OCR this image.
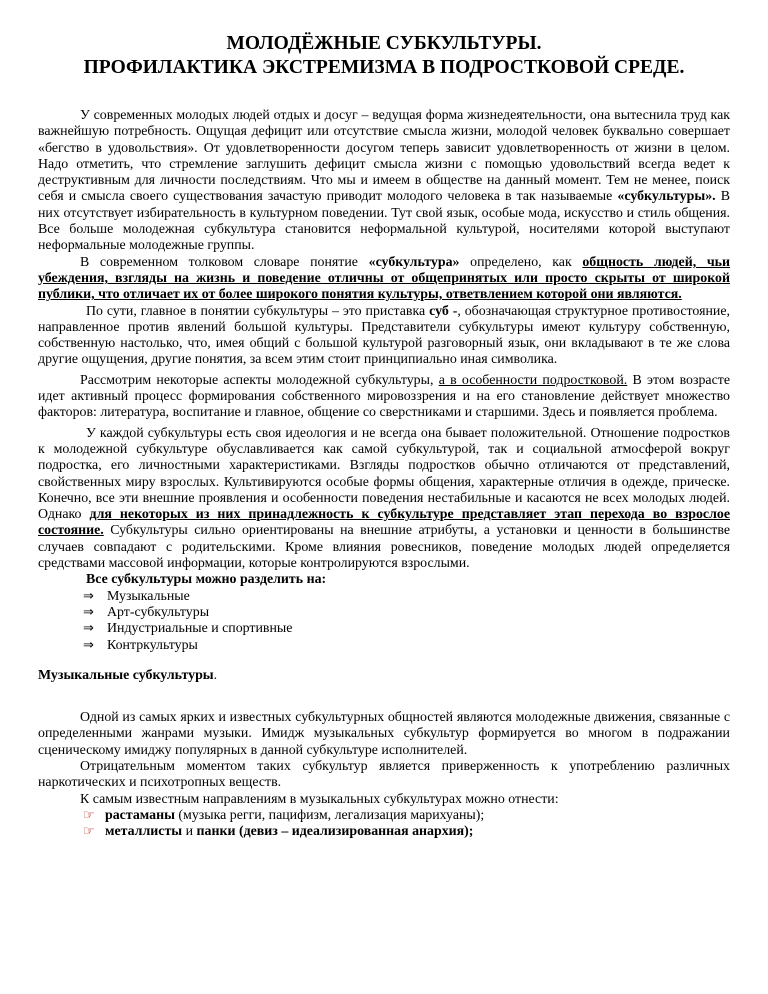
МОЛОДЁЖНЫЕ СУБКУЛЬТУРЫ.
ПРОФИЛАКТИКА ЭКСТРЕМИЗМА В ПОДРОСТКОВОЙ СРЕДЕ.

У современных молодых людей отдых и досуг – ведущая форма жизнедеятельности, она вытеснила труд как важнейшую потребность. Ощущая дефицит или отсутствие смысла жизни, молодой человек буквально совершает «бегство в удовольствия». От удовлетворенности досугом теперь зависит удовлетворенность от жизни в целом. Надо отметить, что стремление заглушить дефицит смысла жизни с помощью удовольствий всегда ведет к деструктивным для личности последствиям. Что мы и имеем в обществе на данный момент. Тем не менее, поиск себя и смысла своего существования зачастую приводит молодого человека в так называемые «субкультуры». В них отсутствует избирательность в культурном поведении. Тут свой язык, особые мода, искусство и стиль общения. Все больше молодежная субкультура становится неформальной культурой, носителями которой выступают неформальные молодежные группы.

В современном толковом словаре понятие «субкультура» определено, как общность людей, чьи убеждения, взгляды на жизнь и поведение отличны от общепринятых или просто скрыты от широкой публики, что отличает их от более широкого понятия культуры, ответвлением которой они являются.

По сути, главное в понятии субкультуры – это приставка суб -, обозначающая структурное противостояние, направленное против явлений большой культуры. Представители субкультуры имеют культуру собственную, собственную настолько, что, имея общий с большой культурой разговорный язык, они вкладывают в те же слова другие ощущения, другие понятия, за всем этим стоит принципиально иная символика.

Рассмотрим некоторые аспекты молодежной субкультуры, а в особенности подростковой. В этом возрасте идет активный процесс формирования собственного мировоззрения и на его становление действует множество факторов: литература, воспитание и главное, общение со сверстниками и старшими. Здесь и появляется проблема.

У каждой субкультуры есть своя идеология и не всегда она бывает положительной. Отношение подростков к молодежной субкультуре обуславливается как самой субкультурой, так и социальной атмосферой вокруг подростка, его личностными характеристиками. Взгляды подростков обычно отличаются от представлений, свойственных миру взрослых. Культивируются особые формы общения, характерные отличия в одежде, прическе. Конечно, все эти внешние проявления и особенности поведения нестабильные и касаются не всех молодых людей. Однако для некоторых из них принадлежность к субкультуре представляет этап перехода во взрослое состояние. Субкультуры сильно ориентированы на внешние атрибуты, а установки и ценности в большинстве случаев совпадают с родительскими. Кроме влияния ровесников, поведение молодых людей определяется средствами массовой информации, которые контролируются взрослыми.

Все субкультуры можно разделить на:

⇒ Музыкальные
⇒ Арт-субкультуры
⇒ Индустриальные и спортивные
⇒ Контркультуры

Музыкальные субкультуры.

Одной из самых ярких и известных субкультурных общностей являются молодежные движения, связанные с определенными жанрами музыки. Имидж музыкальных субкультур формируется во многом в подражании сценическому имиджу популярных в данной субкультуре исполнителей.

Отрицательным моментом таких субкультур является приверженность к употреблению различных наркотических и психотропных веществ.

К самым известным направлениям в музыкальных субкультурах можно отнести:

☞ растаманы (музыка регги, пацифизм, легализация марихуаны);
☞ металлисты и панки (девиз – идеализированная анархия);
